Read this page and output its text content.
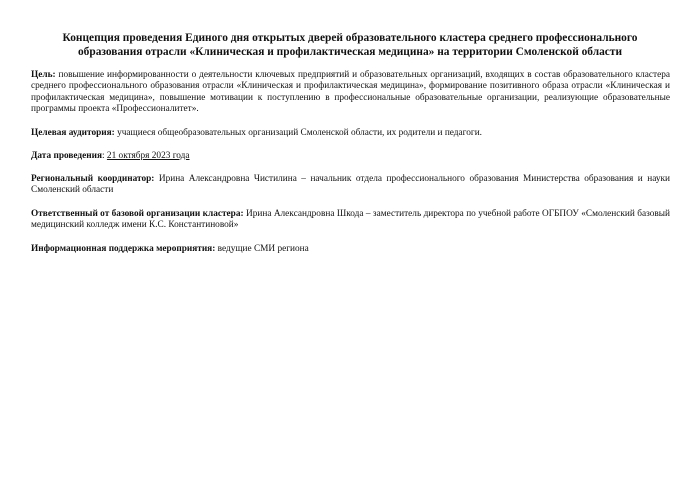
Концепция проведения Единого дня открытых дверей образовательного кластера среднего профессионального образования отрасли «Клиническая и профилактическая медицина» на территории Смоленской области
Цель: повышение информированности о деятельности ключевых предприятий и образовательных организаций, входящих в состав образовательного кластера среднего профессионального образования отрасли «Клиническая и профилактическая медицина», формирование позитивного образа отрасли «Клиническая и профилактическая медицина», повышение мотивации к поступлению в профессиональные образовательные организации, реализующие образовательные программы проекта «Профессионалитет».
Целевая аудитория: учащиеся общеобразовательных организаций Смоленской области, их родители и педагоги.
Дата проведения: 21 октября 2023 года
Региональный координатор: Ирина Александровна Чистилина – начальник отдела профессионального образования Министерства образования и науки Смоленский области
Ответственный от базовой организации кластера: Ирина Александровна Шкода – заместитель директора по учебной работе ОГБПОУ «Смоленский базовый медицинский колледж имени К.С. Константиновой»
Информационная поддержка мероприятия: ведущие СМИ региона
